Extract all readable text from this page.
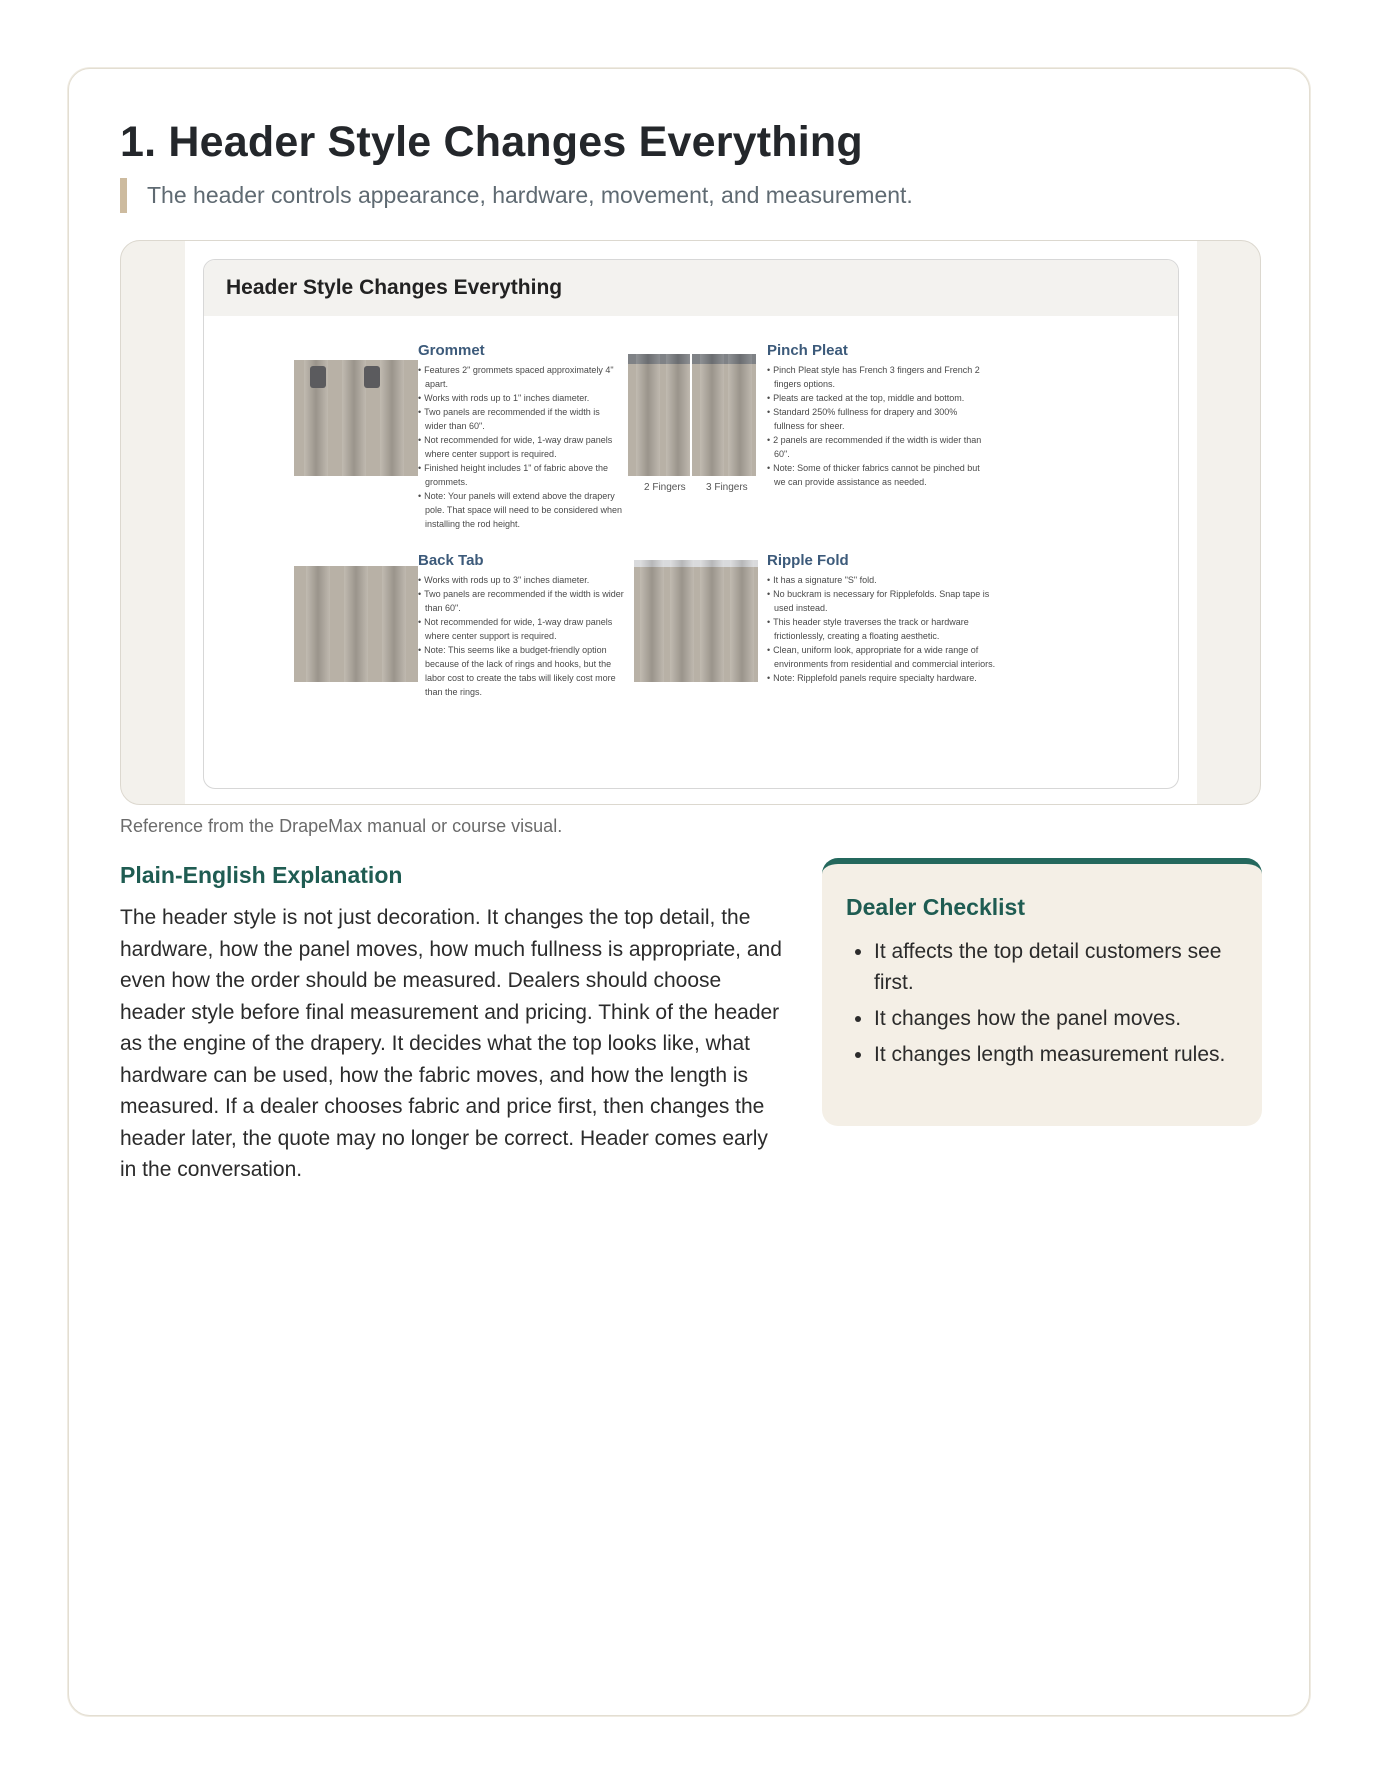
1. Header Style Changes Everything

The header controls appearance, hardware, movement, and measurement.

Header Style Changes Everything
Grommet
• Features 2" grommets spaced approximately 4" apart.
• Works with rods up to 1" inches diameter.
• Two panels are recommended if the width is wider than 60".
• Not recommended for wide, 1-way draw panels where center support is required.
• Finished height includes 1" of fabric above the grommets.
• Note: Your panels will extend above the drapery pole. That space will need to be considered when installing the rod height.
2 Fingers 3 Fingers
Pinch Pleat
• Pinch Pleat style has French 3 fingers and French 2 fingers options.
• Pleats are tacked at the top, middle and bottom.
• Standard 250% fullness for drapery and 300% fullness for sheer.
• 2 panels are recommended if the width is wider than 60".
• Note: Some of thicker fabrics cannot be pinched but we can provide assistance as needed.
Back Tab
• Works with rods up to 3" inches diameter.
• Two panels are recommended if the width is wider than 60".
• Not recommended for wide, 1-way draw panels where center support is required.
• Note: This seems like a budget-friendly option because of the lack of rings and hooks, but the labor cost to create the tabs will likely cost more than the rings.
Ripple Fold
• It has a signature "S" fold.
• No buckram is necessary for Ripplefolds. Snap tape is used instead.
• This header style traverses the track or hardware frictionlessly, creating a floating aesthetic.
• Clean, uniform look, appropriate for a wide range of environments from residential and commercial interiors.
• Note: Ripplefold panels require specialty hardware.

Reference from the DrapeMax manual or course visual.

Plain-English Explanation

The header style is not just decoration. It changes the top detail, the hardware, how the panel moves, how much fullness is appropriate, and even how the order should be measured. Dealers should choose header style before final measurement and pricing. Think of the header as the engine of the drapery. It decides what the top looks like, what hardware can be used, how the fabric moves, and how the length is measured. If a dealer chooses fabric and price first, then changes the header later, the quote may no longer be correct. Header comes early in the conversation.

Dealer Checklist
• It affects the top detail customers see first.
• It changes how the panel moves.
• It changes length measurement rules.
